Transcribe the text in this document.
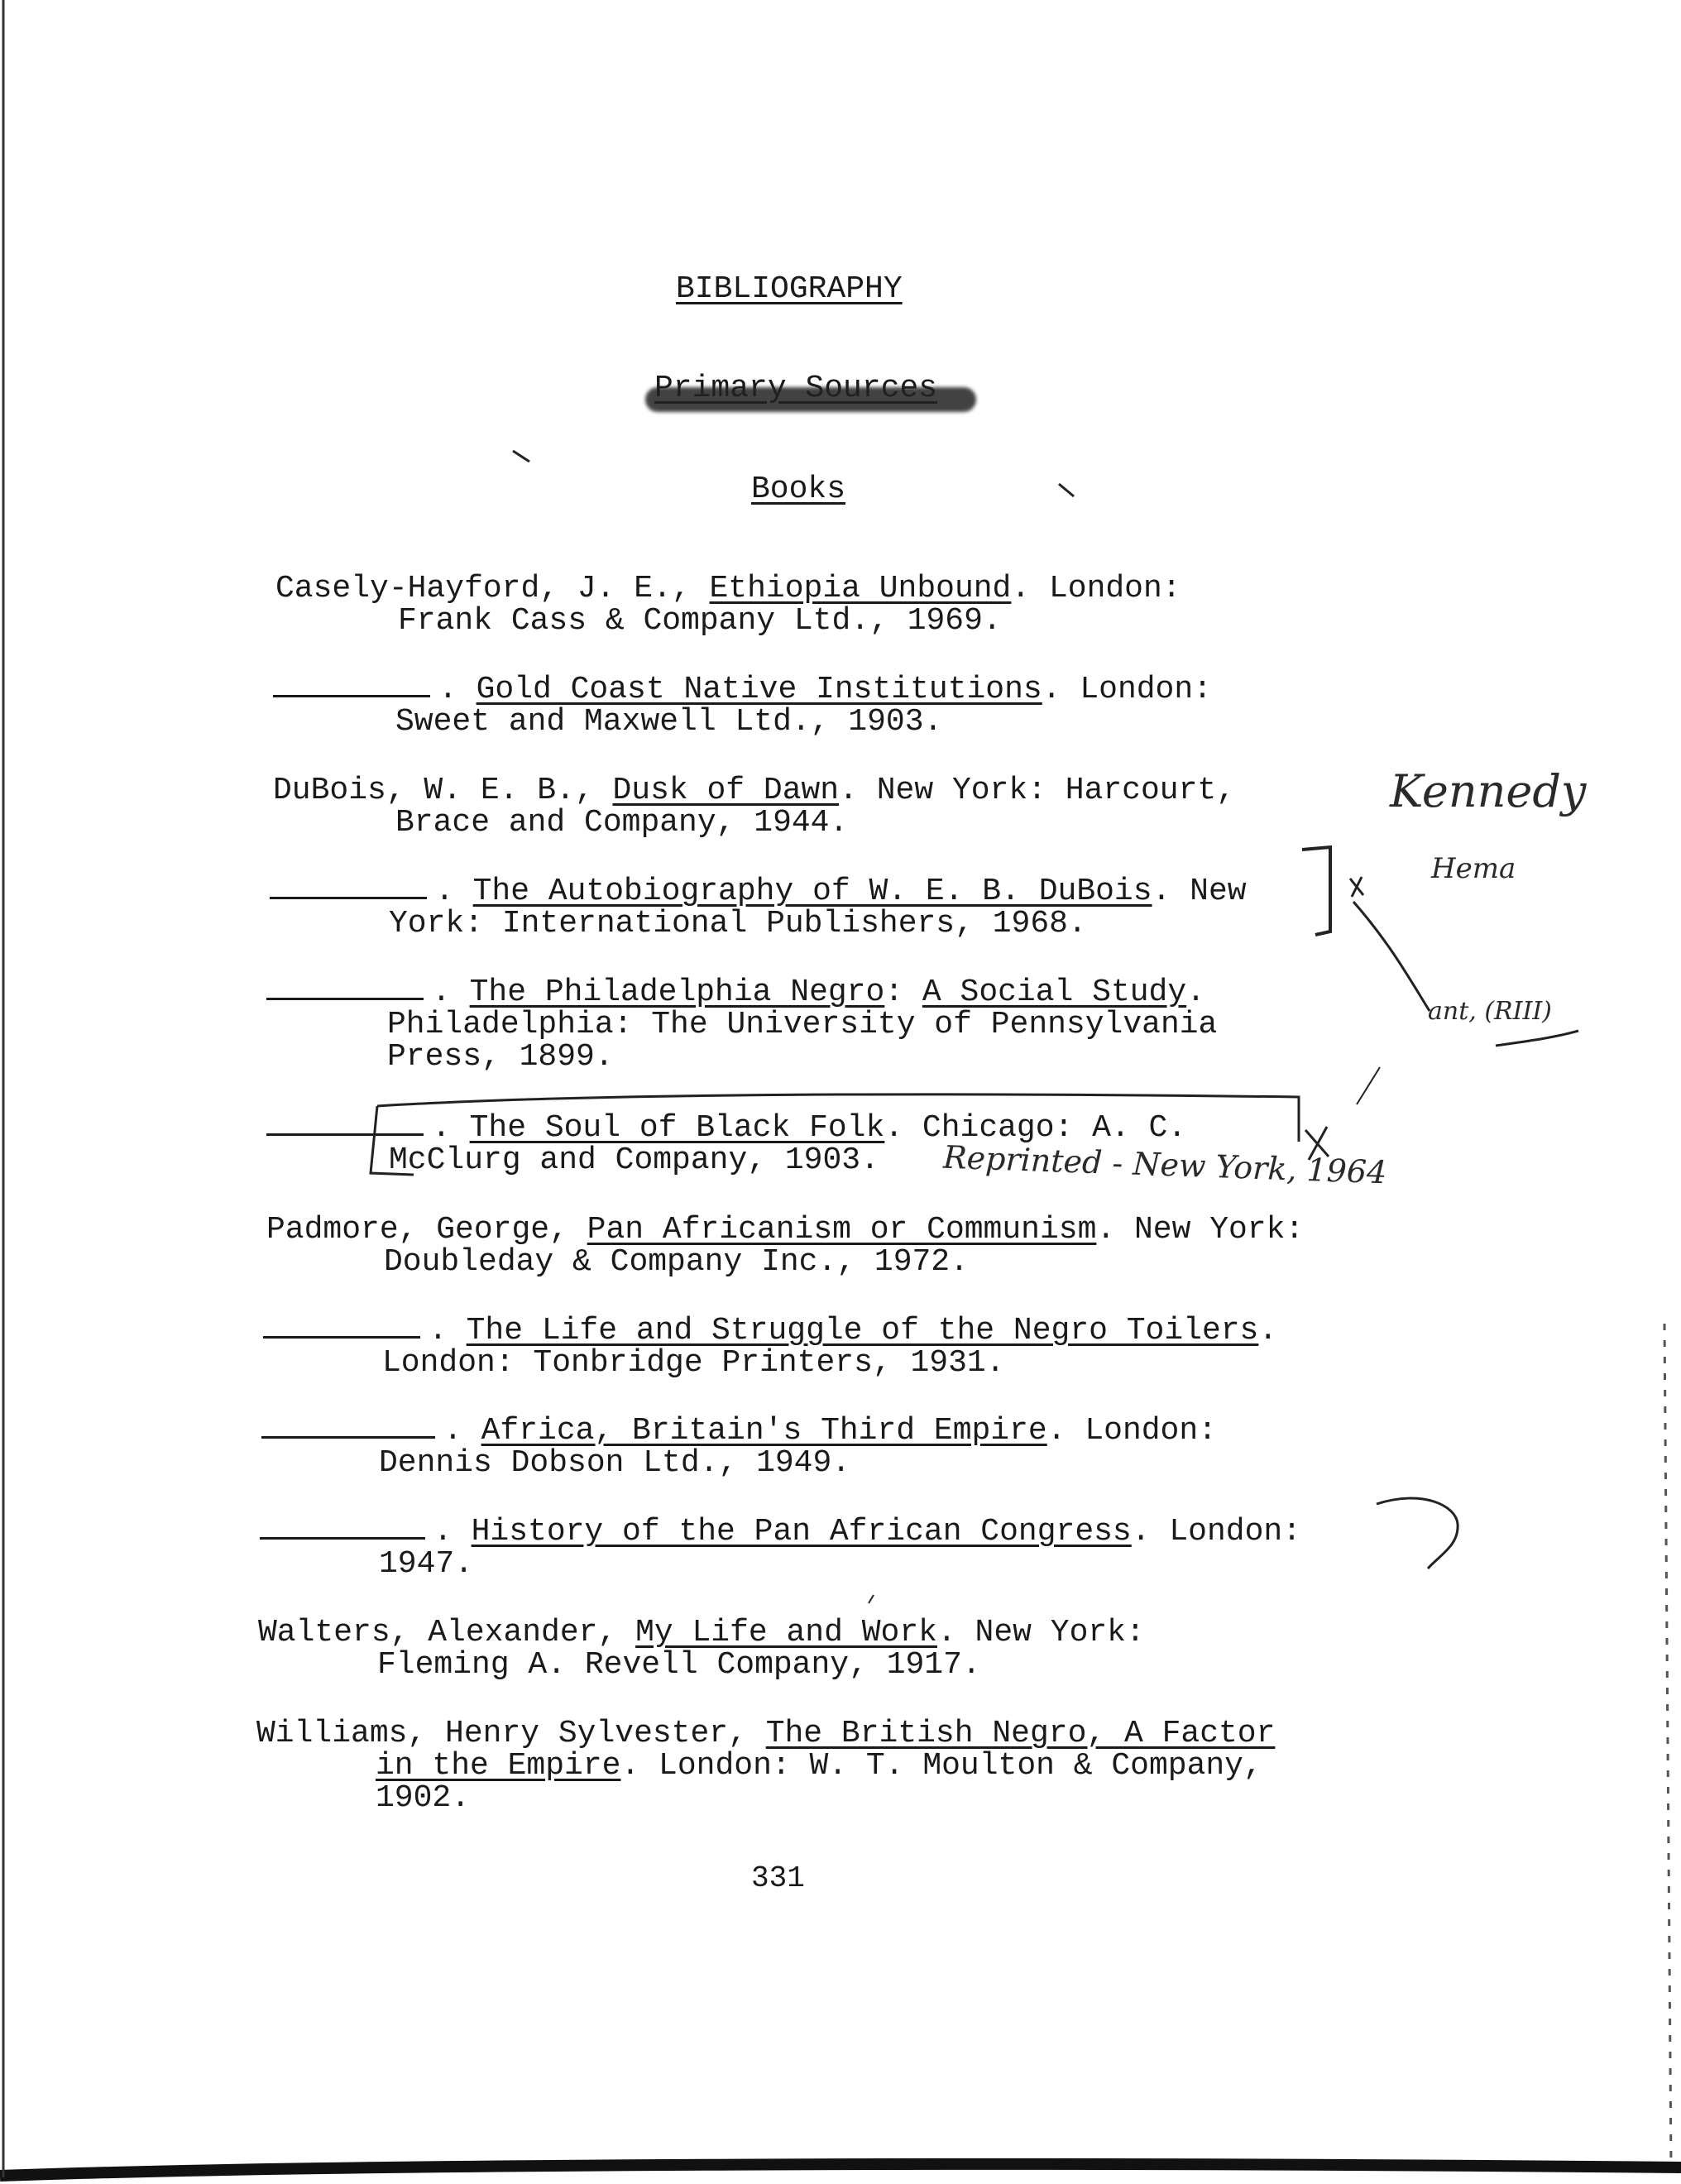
BIBLIOGRAPHY
Books
Casely-Hayford, J. E., Ethiopia Unbound. London:
Frank Cass & Company Ltd., 1969.
. Gold Coast Native Institutions. London:
Sweet and Maxwell Ltd., 1903.
DuBois, W. E. B., Dusk of Dawn. New York: Harcourt,
Brace and Company, 1944.
. The Autobiography of W. E. B. DuBois. New
York: International Publishers, 1968.
. The Philadelphia Negro: A Social Study.
Philadelphia: The University of Pennsylvania
Press, 1899.
. The Soul of Black Folk. Chicago: A. C.
McClurg and Company, 1903.
Padmore, George, Pan Africanism or Communism. New York:
Doubleday & Company Inc., 1972.
. The Life and Struggle of the Negro Toilers.
London: Tonbridge Printers, 1931.
. Africa, Britain's Third Empire. London:
Dennis Dobson Ltd., 1949.
. History of the Pan African Congress. London:
1947.
Walters, Alexander, My Life and Work. New York:
Fleming A. Revell Company, 1917.
Williams, Henry Sylvester, The British Negro, A Factor
in the Empire. London: W. T. Moulton & Company,
1902.
Kennedy
Hema
ant, (RIII)
Reprinted - New York, 1964
331
